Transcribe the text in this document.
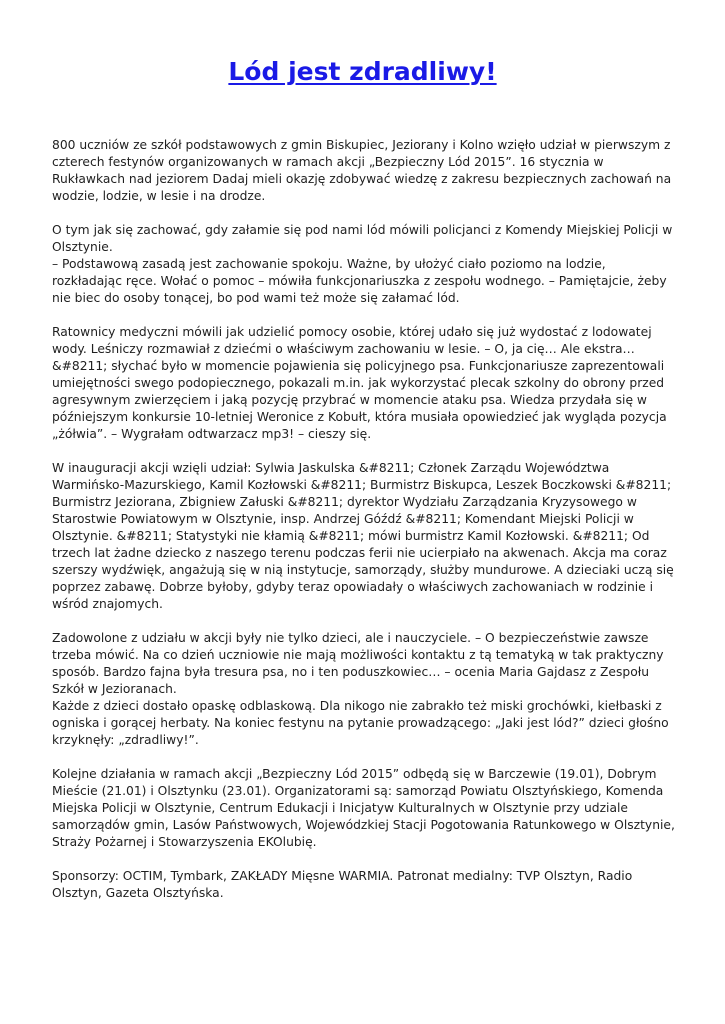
Lód jest zdradliwy!

800 uczniów ze szkół podstawowych z gmin Biskupiec, Jeziorany i Kolno wzięło udział w pierwszym z czterech festynów organizowanych w ramach akcji „Bezpieczny Lód 2015”. 16 stycznia w Rukławkach nad jeziorem Dadaj mieli okazję zdobywać wiedzę z zakresu bezpiecznych zachowań na wodzie, lodzie, w lesie i na drodze.

O tym jak się zachować, gdy załamie się pod nami lód mówili policjanci z Komendy Miejskiej Policji w Olsztynie.
– Podstawową zasadą jest zachowanie spokoju. Ważne, by ułożyć ciało poziomo na lodzie, rozkładając ręce. Wołać o pomoc – mówiła funkcjonariuszka z zespołu wodnego. – Pamiętajcie, żeby nie biec do osoby tonącej, bo pod wami też może się załamać lód.

Ratownicy medyczni mówili jak udzielić pomocy osobie, której udało się już wydostać z lodowatej wody. Leśniczy rozmawiał z dziećmi o właściwym zachowaniu w lesie. – O, ja cię… Ale ekstra… &#8211; słychać było w momencie pojawienia się policyjnego psa. Funkcjonariusze zaprezentowali umiejętności swego podopiecznego, pokazali m.in. jak wykorzystać plecak szkolny do obrony przed agresywnym zwierzęciem i jaką pozycję przybrać w momencie ataku psa. Wiedza przydała się w późniejszym konkursie 10-letniej Weronice z Kobułt, która musiała opowiedzieć jak wygląda pozycja „żółwia”. – Wygrałam odtwarzacz mp3! – cieszy się.

W inauguracji akcji wzięli udział: Sylwia Jaskulska &#8211; Członek Zarządu Województwa Warmińsko-Mazurskiego, Kamil Kozłowski &#8211; Burmistrz Biskupca, Leszek Boczkowski &#8211; Burmistrz Jeziorana, Zbigniew Załuski &#8211; dyrektor Wydziału Zarządzania Kryzysowego w Starostwie Powiatowym w Olsztynie, insp. Andrzej Góźdź &#8211; Komendant Miejski Policji w Olsztynie. &#8211; Statystyki nie kłamią &#8211; mówi burmistrz Kamil Kozłowski. &#8211; Od trzech lat żadne dziecko z naszego terenu podczas ferii nie ucierpiało na akwenach. Akcja ma coraz szerszy wydźwięk, angażują się w nią instytucje, samorządy, służby mundurowe. A dzieciaki uczą się poprzez zabawę. Dobrze byłoby, gdyby teraz opowiadały o właściwych zachowaniach w rodzinie i wśród znajomych.

Zadowolone z udziału w akcji były nie tylko dzieci, ale i nauczyciele. – O bezpieczeństwie zawsze trzeba mówić. Na co dzień uczniowie nie mają możliwości kontaktu z tą tematyką w tak praktyczny sposób. Bardzo fajna była tresura psa, no i ten poduszkowiec… – ocenia Maria Gajdasz z Zespołu Szkół w Jezioranach.
Każde z dzieci dostało opaskę odblaskową. Dla nikogo nie zabrakło też miski grochówki, kiełbaski z ogniska i gorącej herbaty. Na koniec festynu na pytanie prowadzącego: „Jaki jest lód?” dzieci głośno krzyknęły: „zdradliwy!”.

Kolejne działania w ramach akcji „Bezpieczny Lód 2015” odbędą się w Barczewie (19.01), Dobrym Mieście (21.01) i Olsztynku (23.01). Organizatorami są: samorząd Powiatu Olsztyńskiego, Komenda Miejska Policji w Olsztynie, Centrum Edukacji i Inicjatyw Kulturalnych w Olsztynie przy udziale samorządów gmin, Lasów Państwowych, Wojewódzkiej Stacji Pogotowania Ratunkowego w Olsztynie, Straży Pożarnej i Stowarzyszenia EKOlubię.

Sponsorzy: OCTIM, Tymbark, ZAKŁADY Mięsne WARMIA. Patronat medialny: TVP Olsztyn, Radio Olsztyn, Gazeta Olsztyńska.
